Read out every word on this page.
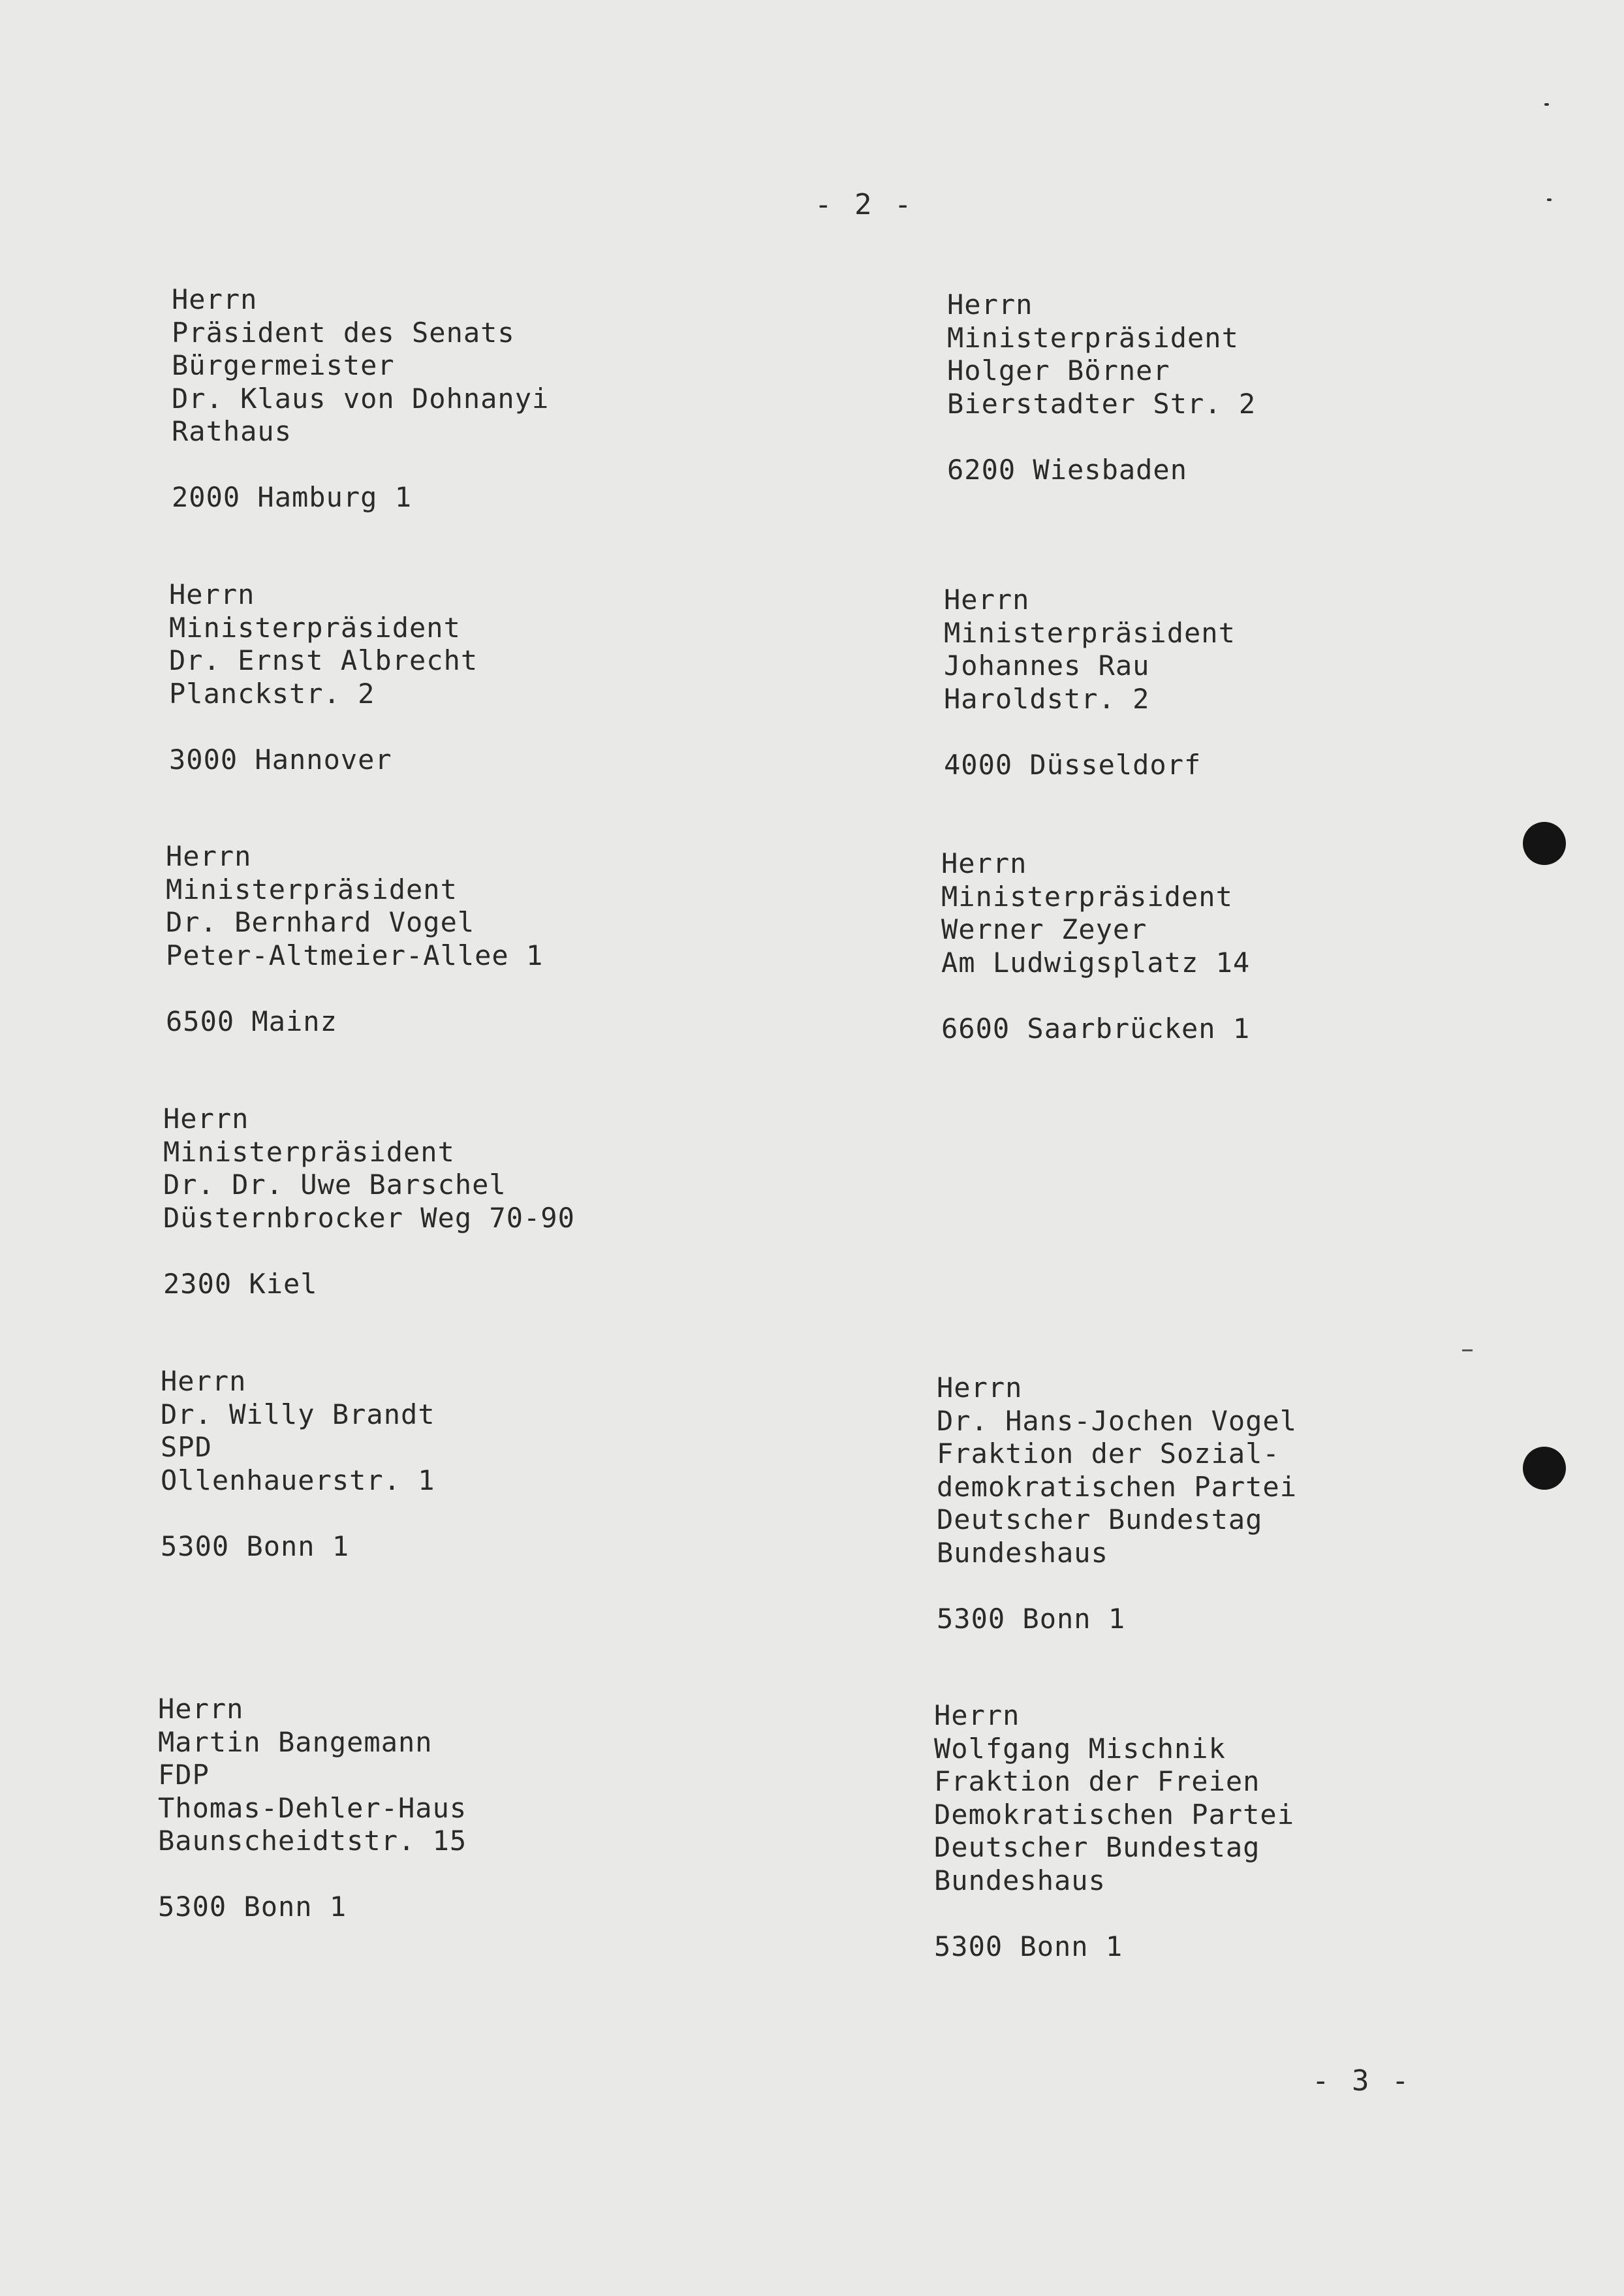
- 2 -
Herrn
Präsident des Senats
Bürgermeister
Dr. Klaus von Dohnanyi
Rathaus
2000 Hamburg 1
Herrn
Ministerpräsident
Holger Börner
Bierstadter Str. 2
6200 Wiesbaden
Herrn
Ministerpräsident
Dr. Ernst Albrecht
Planckstr. 2
3000 Hannover
Herrn
Ministerpräsident
Johannes Rau
Haroldstr. 2
4000 Düsseldorf
Herrn
Ministerpräsident
Dr. Bernhard Vogel
Peter-Altmeier-Allee 1
6500 Mainz
Herrn
Ministerpräsident
Werner Zeyer
Am Ludwigsplatz 14
6600 Saarbrücken 1
Herrn
Ministerpräsident
Dr. Dr. Uwe Barschel
Düsternbrocker Weg 70-90
2300 Kiel
Herrn
Dr. Willy Brandt
SPD
Ollenhauerstr. 1
5300 Bonn 1
Herrn
Dr. Hans-Jochen Vogel
Fraktion der Sozial-
demokratischen Partei
Deutscher Bundestag
Bundeshaus
5300 Bonn 1
Herrn
Martin Bangemann
FDP
Thomas-Dehler-Haus
Baunscheidtstr. 15
5300 Bonn 1
Herrn
Wolfgang Mischnik
Fraktion der Freien
Demokratischen Partei
Deutscher Bundestag
Bundeshaus
5300 Bonn 1
- 3 -
